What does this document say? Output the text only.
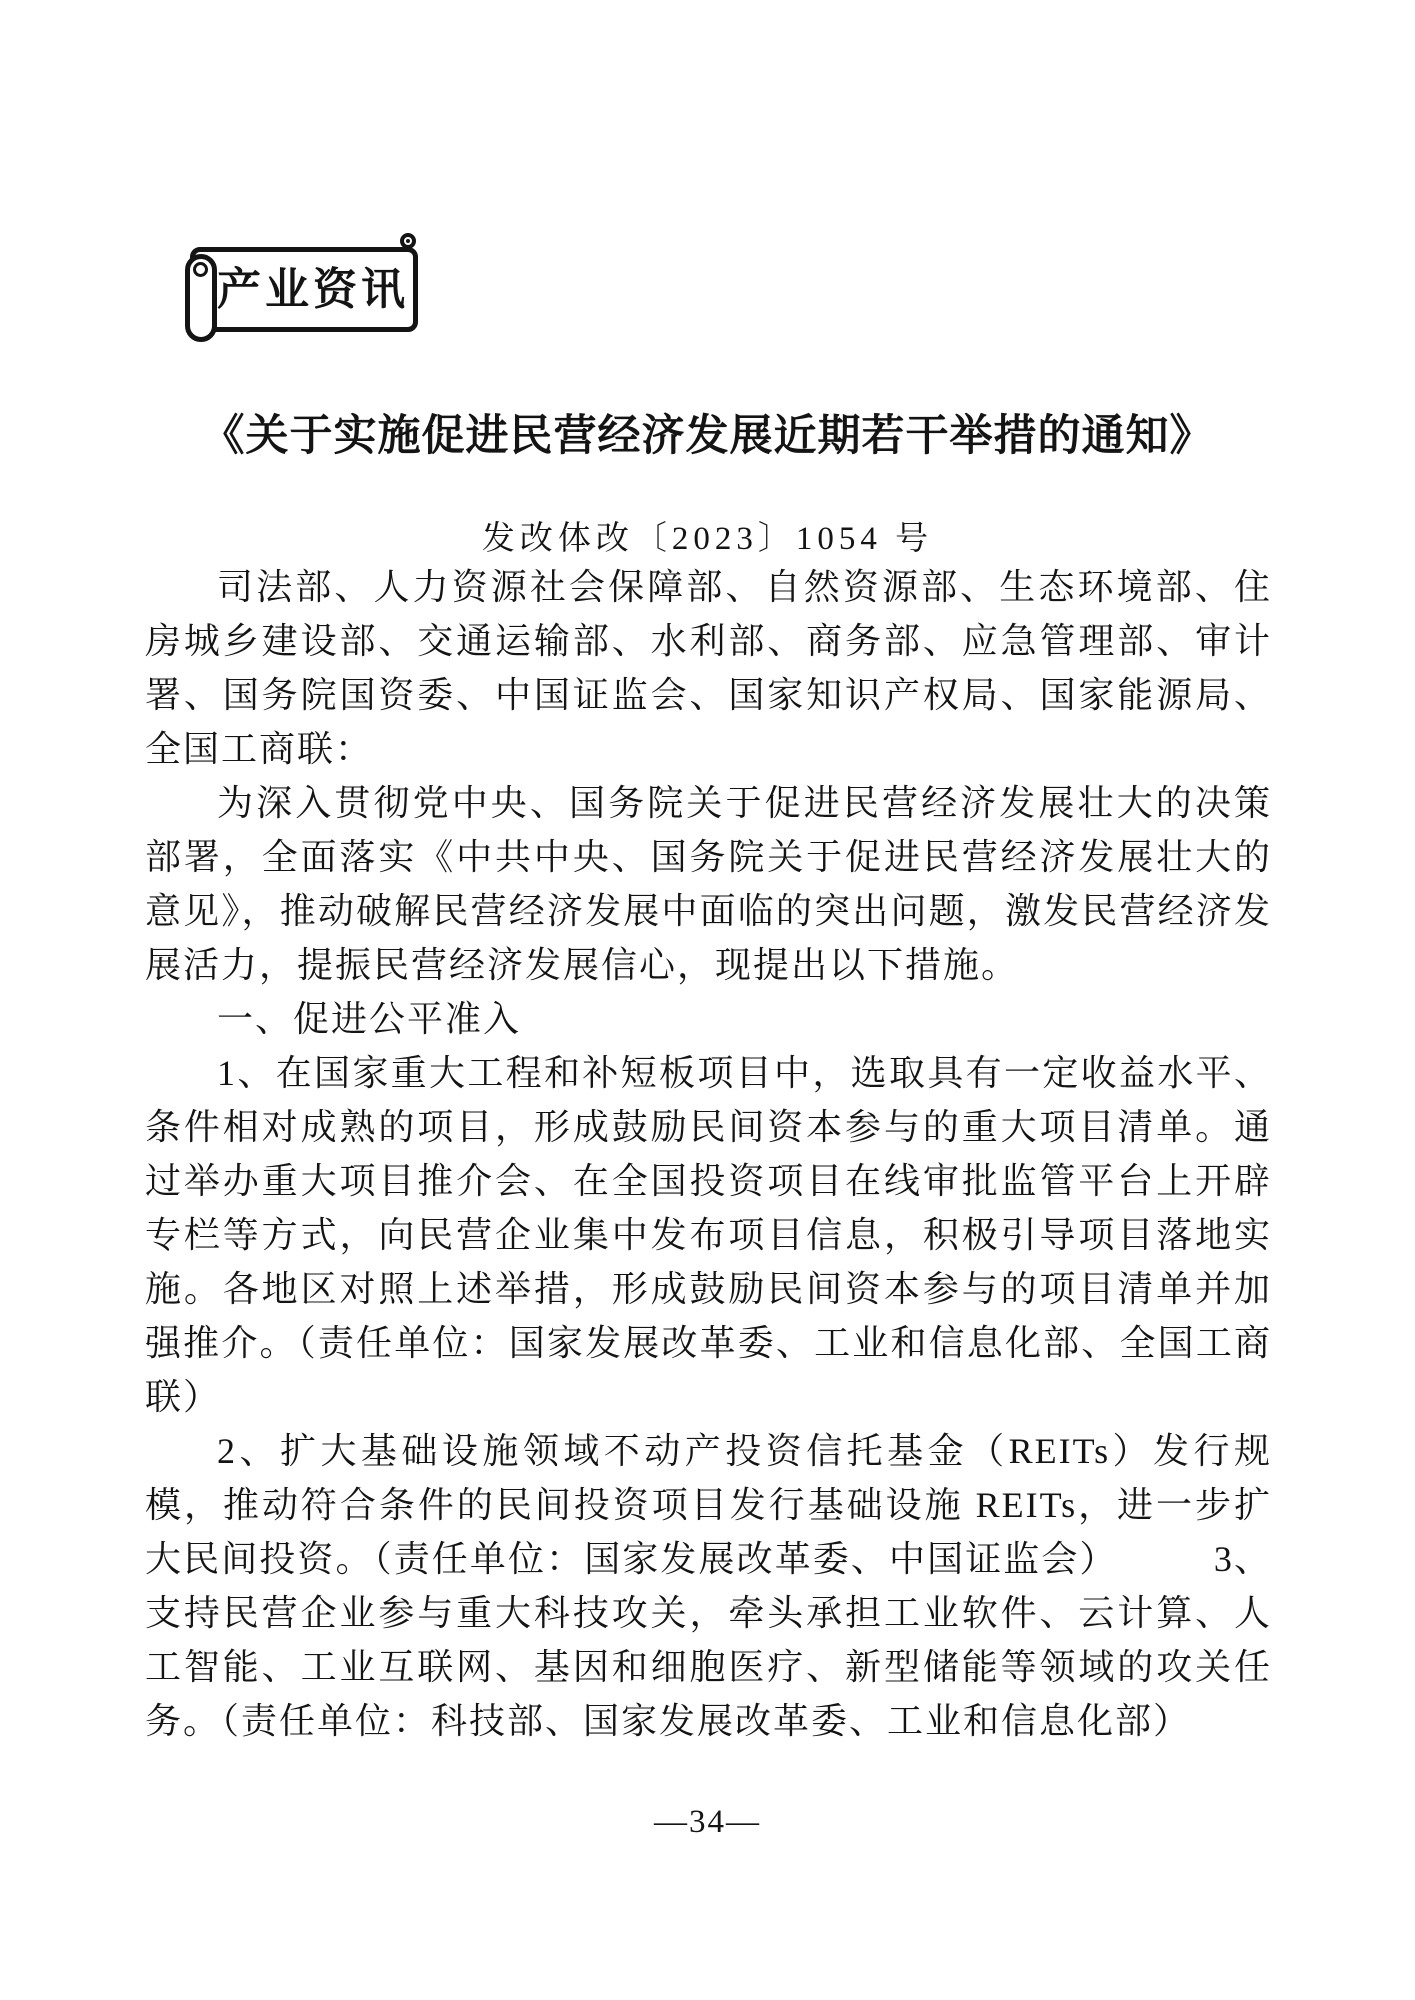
产业资讯
《关于实施促进民营经济发展近期若干举措的通知》
发改体改〔2023〕1054 号

司法部、人力资源社会保障部、自然资源部、生态环境部、住房城乡建设部、交通运输部、水利部、商务部、应急管理部、审计署、国务院国资委、中国证监会、国家知识产权局、国家能源局、全国工商联：

为深入贯彻党中央、国务院关于促进民营经济发展壮大的决策部署，全面落实《中共中央、国务院关于促进民营经济发展壮大的意见》，推动破解民营经济发展中面临的突出问题，激发民营经济发展活力，提振民营经济发展信心，现提出以下措施。

一、促进公平准入

1、在国家重大工程和补短板项目中，选取具有一定收益水平、条件相对成熟的项目，形成鼓励民间资本参与的重大项目清单。通过举办重大项目推介会、在全国投资项目在线审批监管平台上开辟专栏等方式，向民营企业集中发布项目信息，积极引导项目落地实施。各地区对照上述举措，形成鼓励民间资本参与的项目清单并加强推介。（责任单位：国家发展改革委、工业和信息化部、全国工商联）

2、扩大基础设施领域不动产投资信托基金（REITs）发行规模，推动符合条件的民间投资项目发行基础设施 REITs，进一步扩大民间投资。（责任单位：国家发展改革委、中国证监会）　　　3、支持民营企业参与重大科技攻关，牵头承担工业软件、云计算、人工智能、工业互联网、基因和细胞医疗、新型储能等领域的攻关任务。（责任单位：科技部、国家发展改革委、工业和信息化部）

—34—
